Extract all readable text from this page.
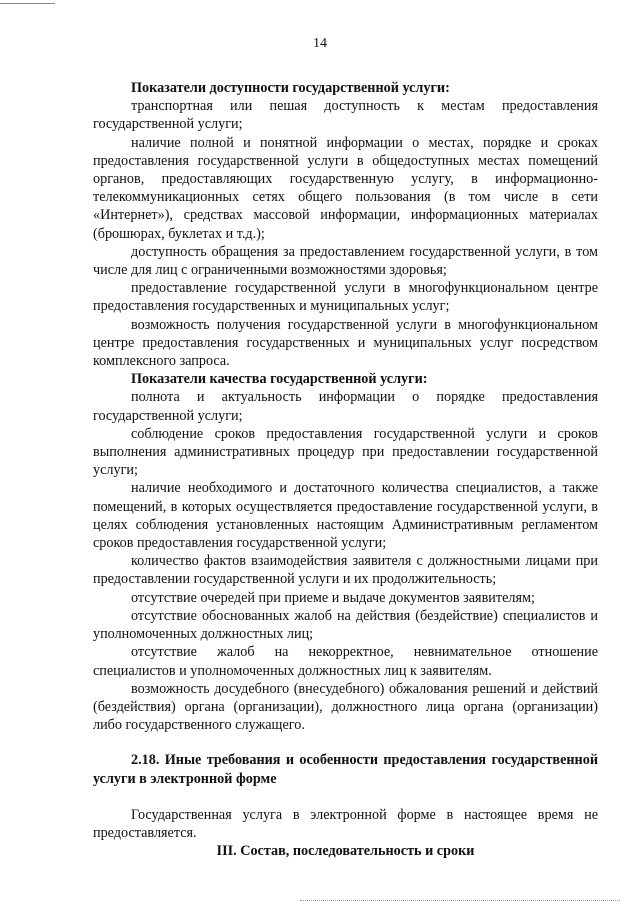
14

Показатели доступности государственной услуги:

транспортная или пешая доступность к местам предоставления государственной услуги;

наличие полной и понятной информации о местах, порядке и сроках предоставления государственной услуги в общедоступных местах помещений органов, предоставляющих государственную услугу, в информационно-телекоммуникационных сетях общего пользования (в том числе в сети «Интернет»), средствах массовой информации, информационных материалах (брошюрах, буклетах и т.д.);

доступность обращения за предоставлением государственной услуги, в том числе для лиц с ограниченными возможностями здоровья;

предоставление государственной услуги в многофункциональном центре предоставления государственных и муниципальных услуг;

возможность получения государственной услуги в многофункциональном центре предоставления государственных и муниципальных услуг посредством комплексного запроса.

Показатели качества государственной услуги:

полнота и актуальность информации о порядке предоставления государственной услуги;

соблюдение сроков предоставления государственной услуги и сроков выполнения административных процедур при предоставлении государственной услуги;

наличие необходимого и достаточного количества специалистов, а также помещений, в которых осуществляется предоставление государственной услуги, в целях соблюдения установленных настоящим Административным регламентом сроков предоставления государственной услуги;

количество фактов взаимодействия заявителя с должностными лицами при предоставлении государственной услуги и их продолжительность;

отсутствие очередей при приеме и выдаче документов заявителям;

отсутствие обоснованных жалоб на действия (бездействие) специалистов и уполномоченных должностных лиц;

отсутствие жалоб на некорректное, невнимательное отношение специалистов и уполномоченных должностных лиц к заявителям.

возможность досудебного (внесудебного) обжалования решений и действий (бездействия) органа (организации), должностного лица органа (организации) либо государственного служащего.

2.18. Иные требования и особенности предоставления государственной услуги в электронной форме

Государственная услуга в электронной форме в настоящее время не предоставляется.

III. Состав, последовательность и сроки
